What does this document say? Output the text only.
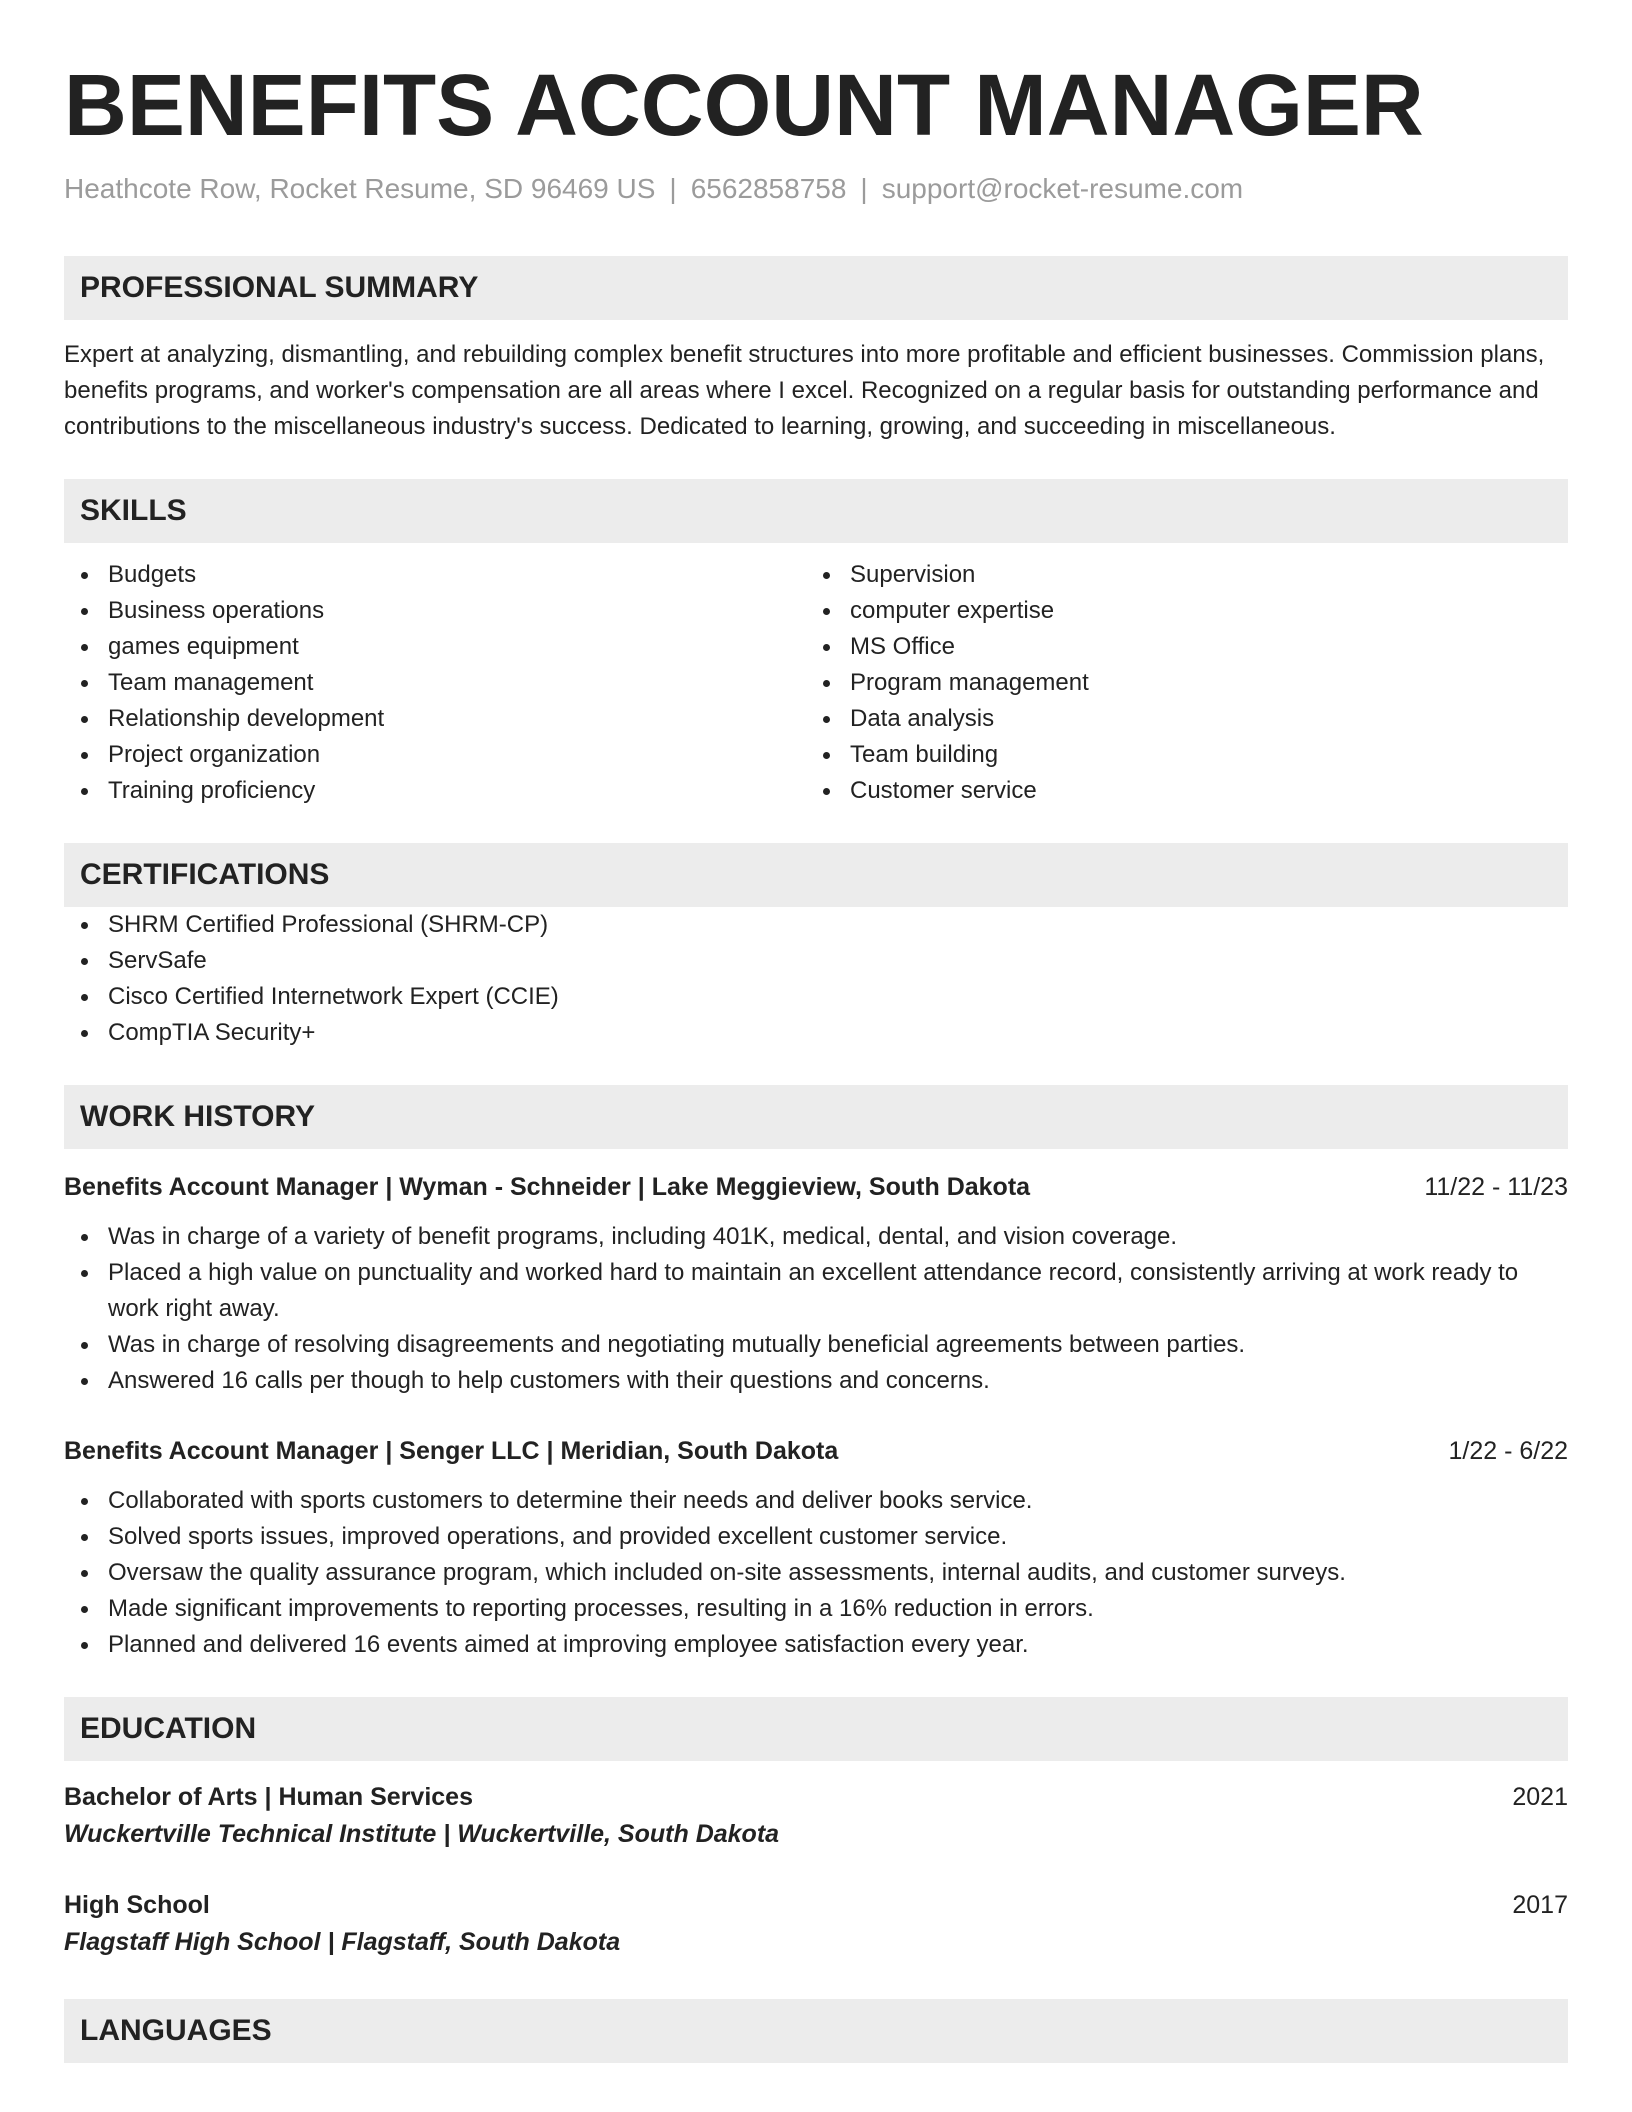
BENEFITS ACCOUNT MANAGER
Heathcote Row, Rocket Resume, SD 96469 US | 6562858758 | support@rocket-resume.com
PROFESSIONAL SUMMARY

Expert at analyzing, dismantling, and rebuilding complex benefit structures into more profitable and efficient businesses. Commission plans, benefits programs, and worker's compensation are all areas where I excel. Recognized on a regular basis for outstanding performance and contributions to the miscellaneous industry's success. Dedicated to learning, growing, and succeeding in miscellaneous.

SKILLS
Budgets
Business operations
games equipment
Team management
Relationship development
Project organization
Training proficiency
Supervision
computer expertise
MS Office
Program management
Data analysis
Team building
Customer service
CERTIFICATIONS
SHRM Certified Professional (SHRM-CP)
ServSafe
Cisco Certified Internetwork Expert (CCIE)
CompTIA Security+
WORK HISTORY
Benefits Account Manager | Wyman - Schneider | Lake Meggieview, South Dakota	11/22 - 11/23
Was in charge of a variety of benefit programs, including 401K, medical, dental, and vision coverage.
Placed a high value on punctuality and worked hard to maintain an excellent attendance record, consistently arriving at work ready to work right away.
Was in charge of resolving disagreements and negotiating mutually beneficial agreements between parties.
Answered 16 calls per though to help customers with their questions and concerns.
Benefits Account Manager | Senger LLC | Meridian, South Dakota	1/22 - 6/22
Collaborated with sports customers to determine their needs and deliver books service.
Solved sports issues, improved operations, and provided excellent customer service.
Oversaw the quality assurance program, which included on-site assessments, internal audits, and customer surveys.
Made significant improvements to reporting processes, resulting in a 16% reduction in errors.
Planned and delivered 16 events aimed at improving employee satisfaction every year.
EDUCATION
Bachelor of Arts | Human Services	2021
Wuckertville Technical Institute | Wuckertville, South Dakota
High School	2017
Flagstaff High School | Flagstaff, South Dakota
LANGUAGES
